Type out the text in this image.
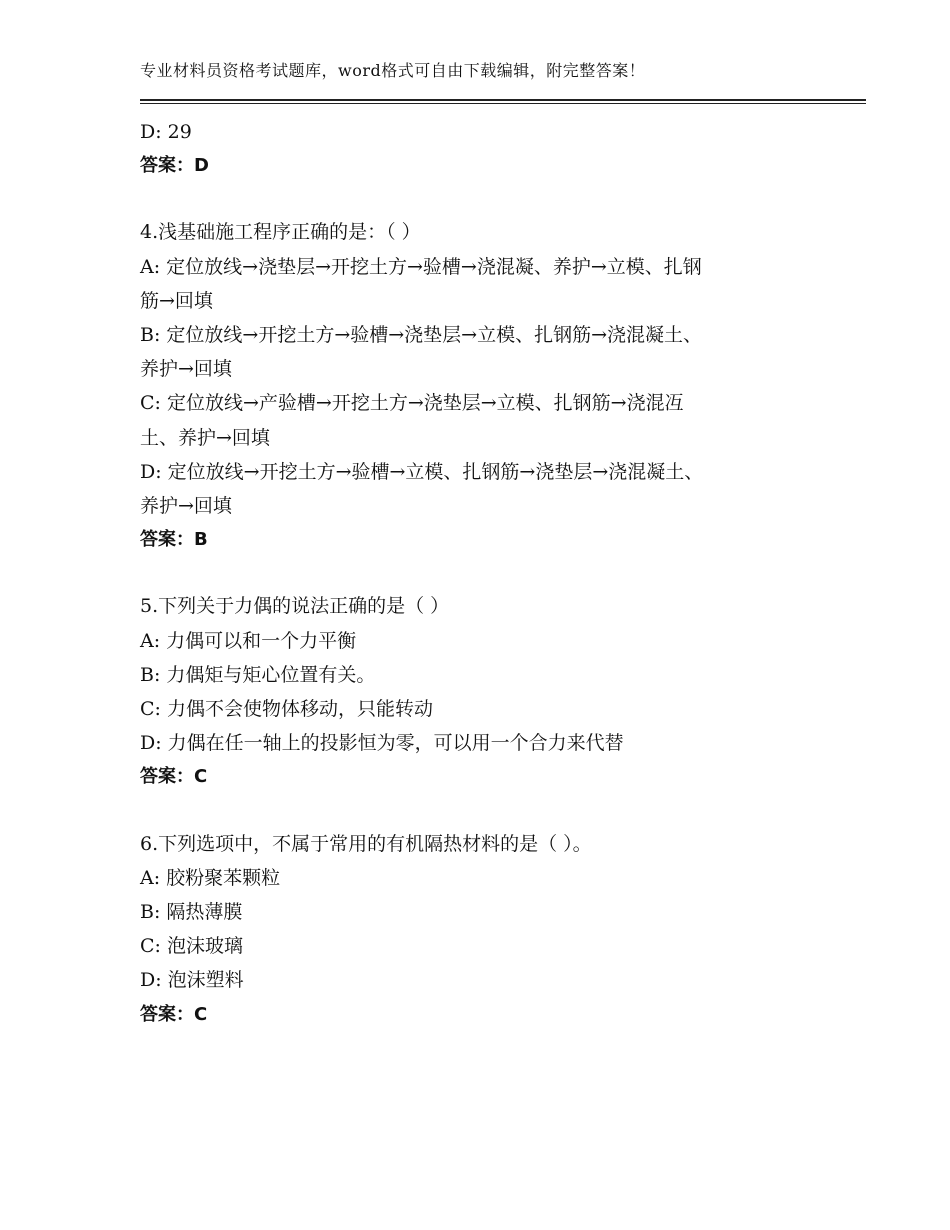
专业材料员资格考试题库，word格式可自由下载编辑，附完整答案！
D: 29
答案：D
4.浅基础施工程序正确的是：（ ）
A: 定位放线→浇垫层→开挖土方→验槽→浇混凝、养护→立模、扎钢
筋→回填
B: 定位放线→开挖土方→验槽→浇垫层→立模、扎钢筋→浇混凝土、
养护→回填
C: 定位放线→产验槽→开挖土方→浇垫层→立模、扎钢筋→浇混冱
土、养护→回填
D: 定位放线→开挖土方→验槽→立模、扎钢筋→浇垫层→浇混凝土、
养护→回填
答案：B
5.下列关于力偶的说法正确的是（ ）
A: 力偶可以和一个力平衡
B: 力偶矩与矩心位置有关。
C: 力偶不会使物体移动，只能转动
D: 力偶在任一轴上的投影恒为零，可以用一个合力来代替
答案：C
6.下列选项中，不属于常用的有机隔热材料的是（ ）。
A: 胶粉聚苯颗粒
B: 隔热薄膜
C: 泡沫玻璃
D: 泡沫塑料
答案：C
